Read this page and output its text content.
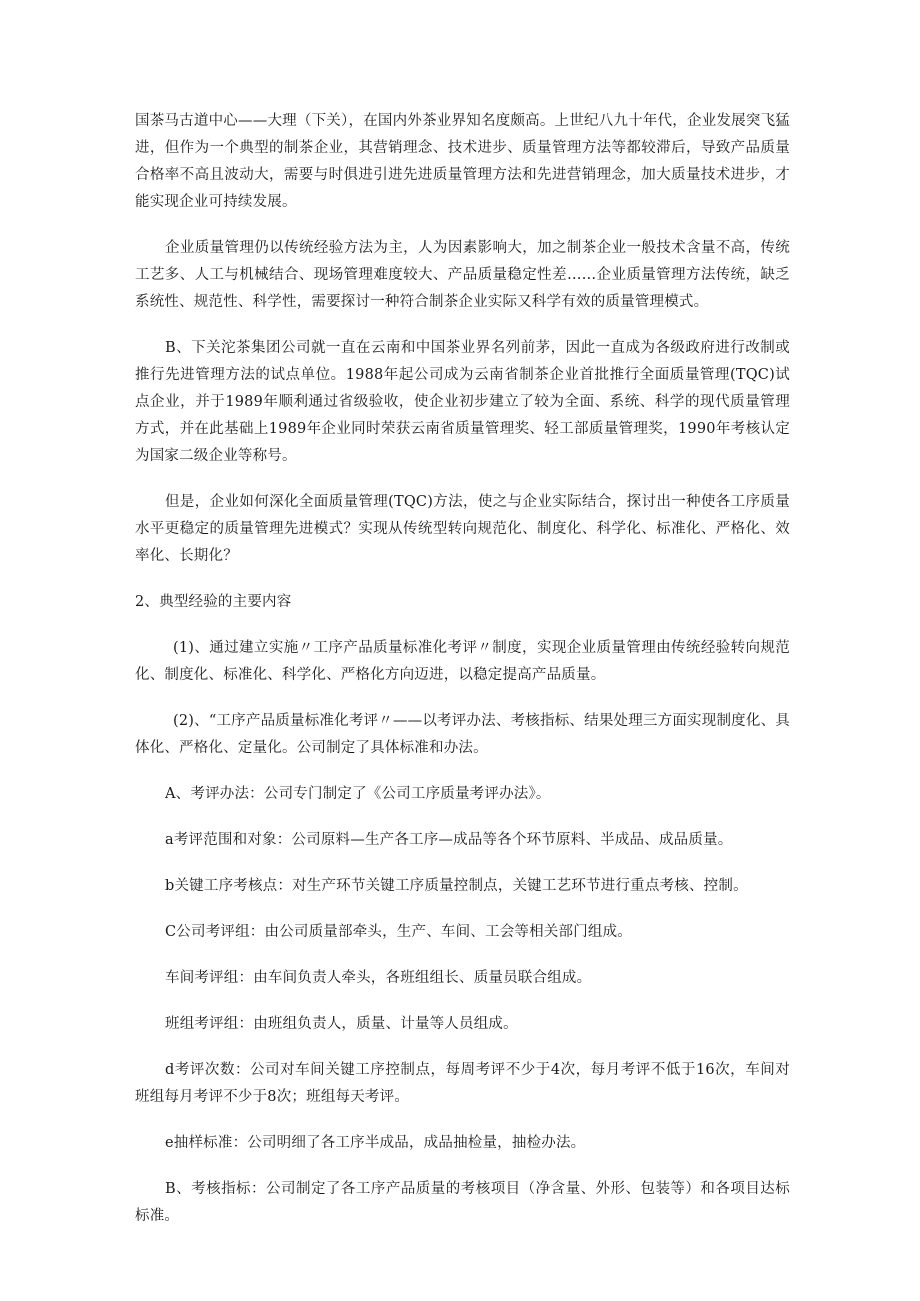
国茶马古道中心——大理（下关），在国内外茶业界知名度颇高。上世纪八九十年代，企业发展突飞猛进，但作为一个典型的制茶企业，其营销理念、技术进步、质量管理方法等都较滞后，导致产品质量合格率不高且波动大，需要与时俱进引进先进质量管理方法和先进营销理念，加大质量技术进步，才能实现企业可持续发展。

企业质量管理仍以传统经验方法为主，人为因素影响大，加之制茶企业一般技术含量不高，传统工艺多、人工与机械结合、现场管理难度较大、产品质量稳定性差……企业质量管理方法传统，缺乏系统性、规范性、科学性，需要探讨一种符合制茶企业实际又科学有效的质量管理模式。

B、下关沱茶集团公司就一直在云南和中国茶业界名列前茅，因此一直成为各级政府进行改制或推行先进管理方法的试点单位。1988年起公司成为云南省制茶企业首批推行全面质量管理(TQC)试点企业，并于1989年顺利通过省级验收，使企业初步建立了较为全面、系统、科学的现代质量管理方式，并在此基础上1989年企业同时荣获云南省质量管理奖、轻工部质量管理奖，1990年考核认定为国家二级企业等称号。

但是，企业如何深化全面质量管理(TQC)方法，使之与企业实际结合，探讨出一种使各工序质量水平更稳定的质量管理先进模式？实现从传统型转向规范化、制度化、科学化、标准化、严格化、效率化、长期化？

2、典型经验的主要内容

(1)、通过建立实施〃工序产品质量标准化考评〃制度，实现企业质量管理由传统经验转向规范化、制度化、标准化、科学化、严格化方向迈进，以稳定提高产品质量。

(2)、“工序产品质量标准化考评〃——以考评办法、考核指标、结果处理三方面实现制度化、具体化、严格化、定量化。公司制定了具体标准和办法。

A、考评办法：公司专门制定了《公司工序质量考评办法》。

a考评范围和对象：公司原料—生产各工序—成品等各个环节原料、半成品、成品质量。

b关键工序考核点：对生产环节关键工序质量控制点，关键工艺环节进行重点考核、控制。

C公司考评组：由公司质量部牵头，生产、车间、工会等相关部门组成。

车间考评组：由车间负责人牵头，各班组组长、质量员联合组成。

班组考评组：由班组负责人，质量、计量等人员组成。

d考评次数：公司对车间关键工序控制点，每周考评不少于4次，每月考评不低于16次，车间对班组每月考评不少于8次；班组每天考评。

e抽样标准：公司明细了各工序半成品，成品抽检量，抽检办法。

B、考核指标：公司制定了各工序产品质量的考核项目（净含量、外形、包装等）和各项目达标标准。
